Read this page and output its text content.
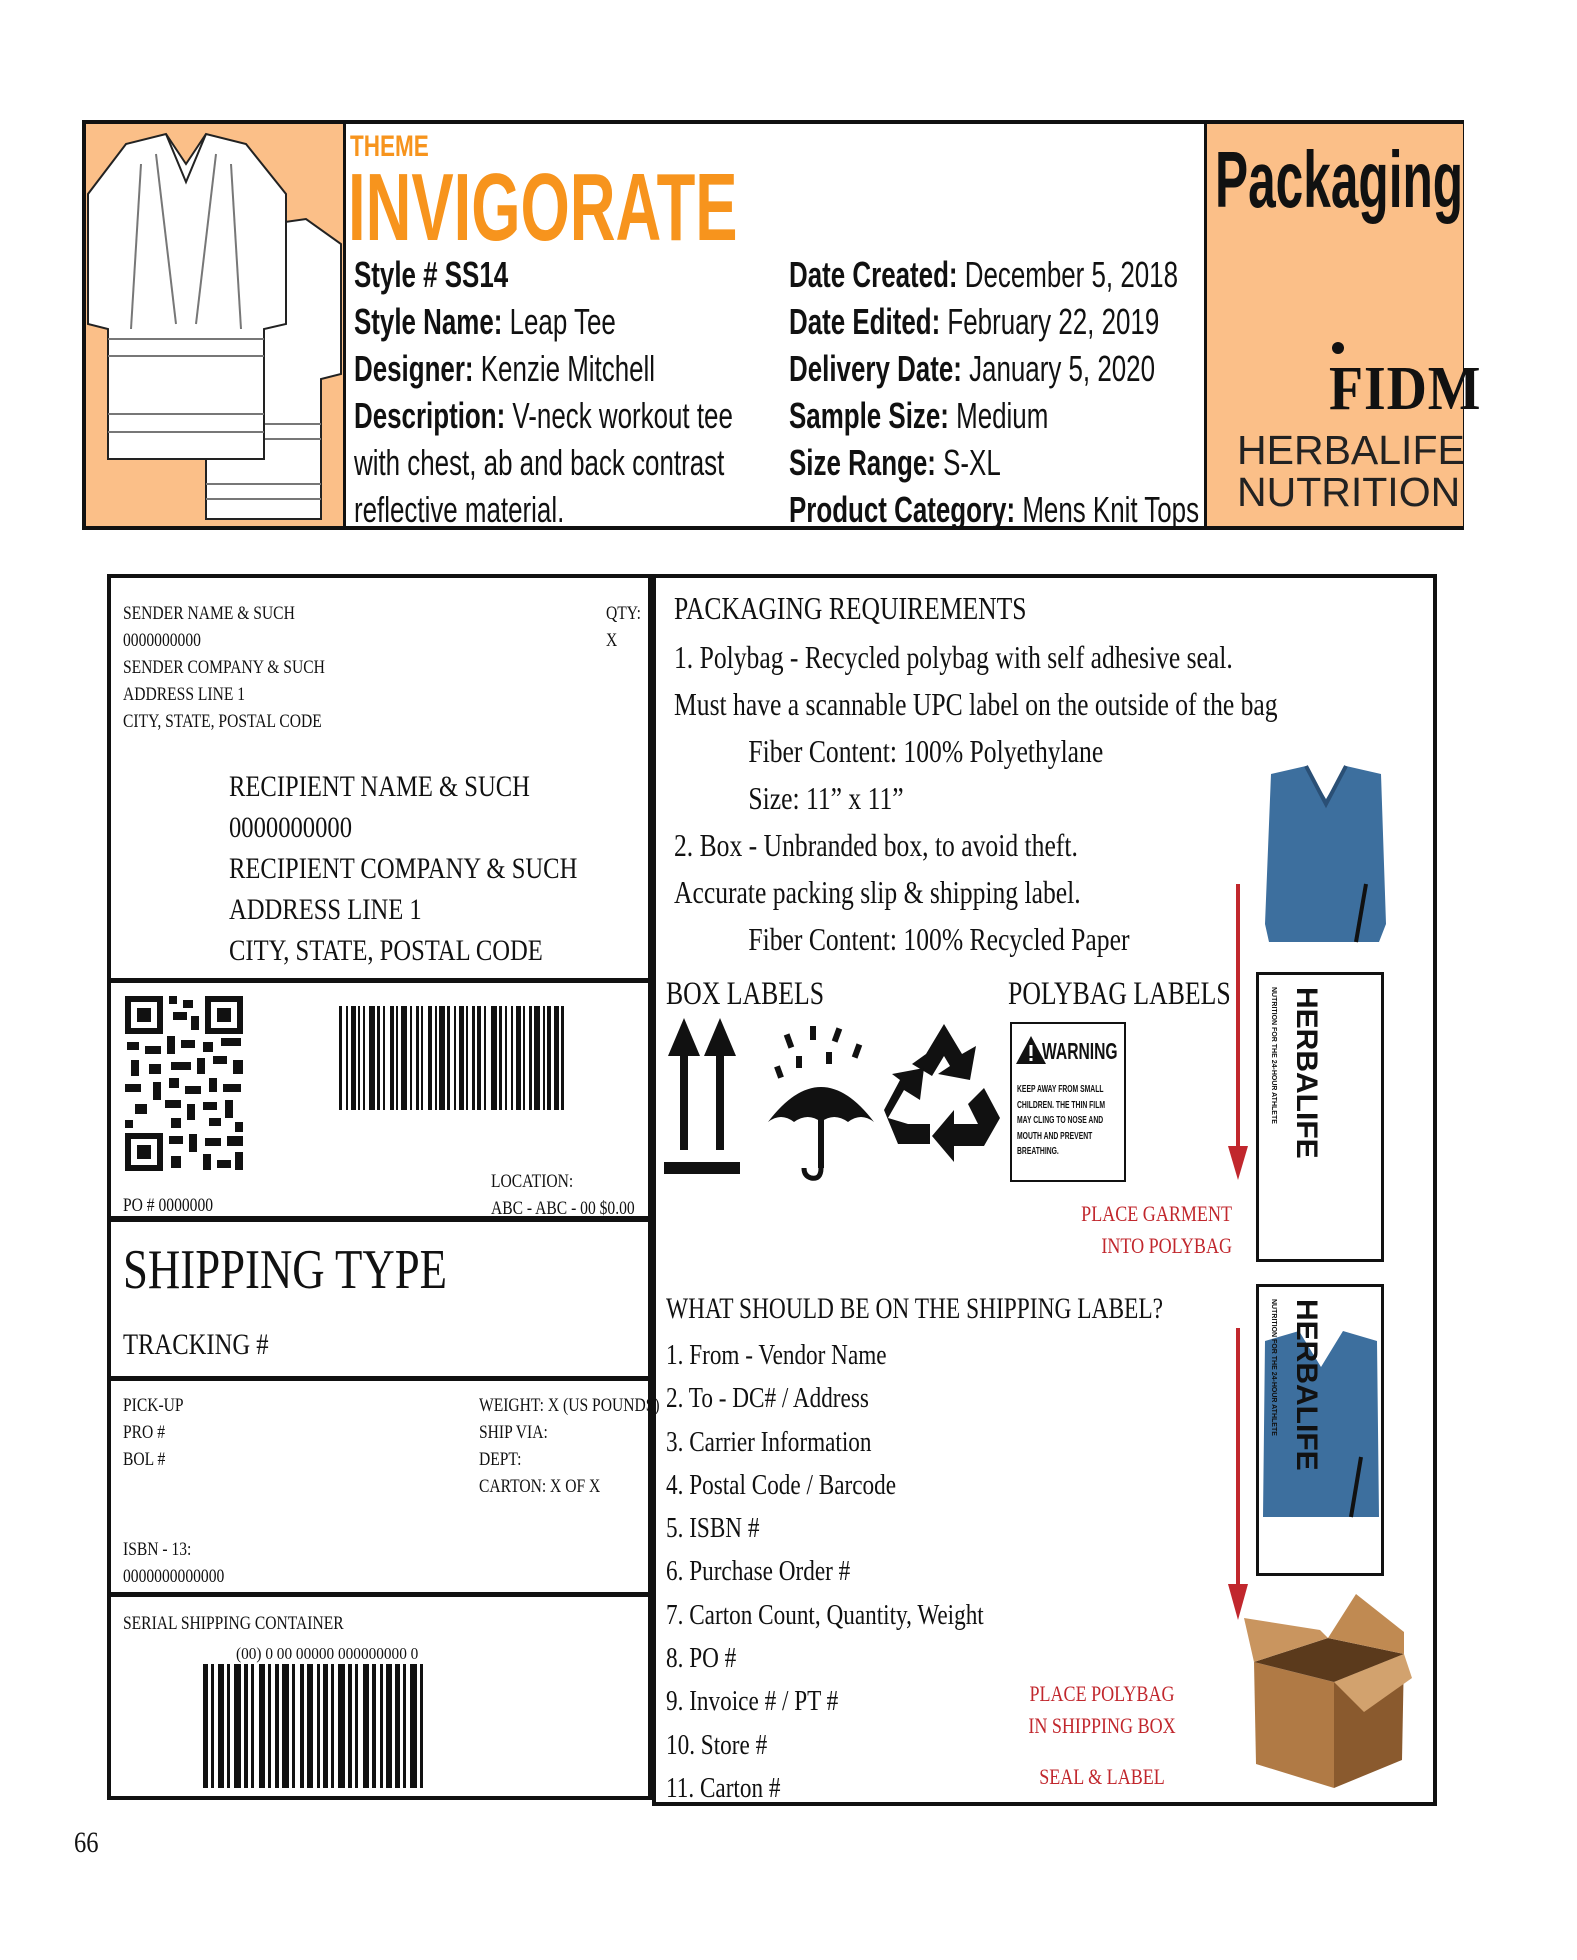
THEME
INVIGORATE
Style # SS14
Style Name: Leap Tee
Designer: Kenzie Mitchell
Description: V-neck workout tee
with chest, ab and back contrast
reflective material.
Date Created: December 5, 2018
Date Edited: February 22, 2019
Delivery Date: January 5, 2020
Sample Size: Medium
Size Range: S-XL
Product Category: Mens Knit Tops
Packaging
FIDM
HERBALIFE
NUTRITION
SENDER NAME & SUCH
0000000000
SENDER COMPANY & SUCH
ADDRESS LINE 1
CITY, STATE, POSTAL CODE
QTY:
X
RECIPIENT NAME & SUCH
0000000000
RECIPIENT COMPANY & SUCH
ADDRESS LINE 1
CITY, STATE, POSTAL CODE
PO # 0000000
LOCATION:
ABC - ABC - 00 $0.00
SHIPPING TYPE
TRACKING #
PICK-UP
PRO #
BOL #
WEIGHT: X (US POUNDS)
SHIP VIA:
DEPT:
CARTON: X OF X
ISBN - 13:
0000000000000
SERIAL SHIPPING CONTAINER
(00) 0 00 00000 000000000 0
PACKAGING REQUIREMENTS
1. Polybag - Recycled polybag with self adhesive seal.
Must have a scannable UPC label on the outside of the bag
Fiber Content: 100% Polyethylane
Size: 11” x 11”
2. Box - Unbranded box, to avoid theft.
Accurate packing slip & shipping label.
Fiber Content: 100% Recycled Paper
BOX LABELS	POLYBAG LABELS
WARNING
KEEP AWAY FROM SMALL
CHILDREN. THE THIN FILM
MAY CLING TO NOSE AND
MOUTH AND PREVENT
BREATHING.
PLACE GARMENT
INTO POLYBAG
HERBALIFE
NUTRITION FOR THE 24-HOUR ATHLETE
HERBALIFE
NUTRITION FOR THE 24-HOUR ATHLETE
WHAT SHOULD BE ON THE SHIPPING LABEL?
1. From - Vendor Name
2. To - DC# / Address
3. Carrier Information
4. Postal Code / Barcode
5. ISBN #
6. Purchase Order #
7. Carton Count, Quantity, Weight
8. PO #
9. Invoice # / PT #
10. Store #
11. Carton #
PLACE POLYBAG
IN SHIPPING BOX
SEAL & LABEL
66
